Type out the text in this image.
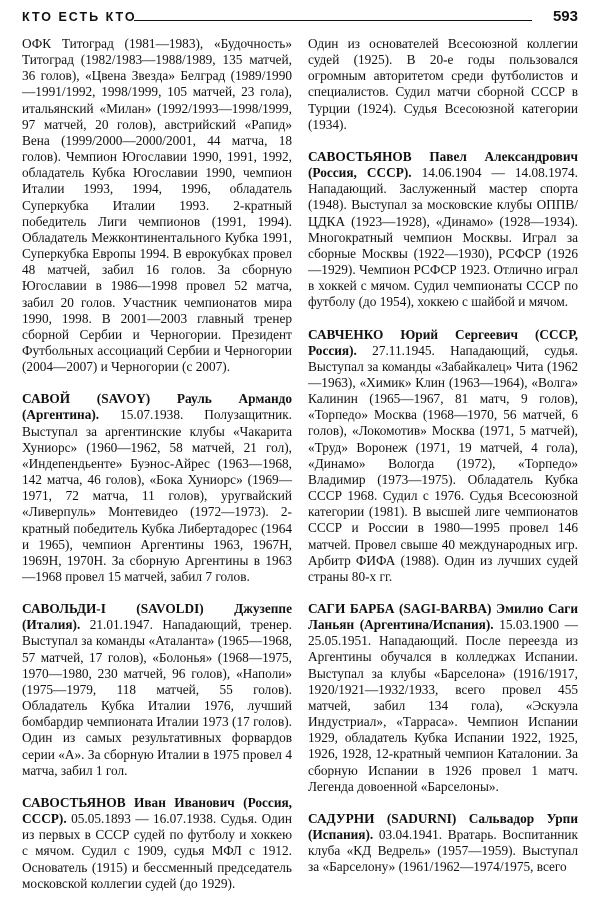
КТО ЕСТЬ КТО	593

ОФК Титоград (1981—1983), «Будочность» Титоград (1982/1983—1988/1989, 135 матчей, 36 голов), «Цвена Звезда» Белград (1989/1990—1991/1992, 1998/1999, 105 матчей, 23 гола), итальянский «Милан» (1992/1993—1998/1999, 97 матчей, 20 голов), австрийский «Рапид» Вена (1999/2000—2000/2001, 44 матча, 18 голов). Чемпион Югославии 1990, 1991, 1992, обладатель Кубка Югославии 1990, чемпион Италии 1993, 1994, 1996, обладатель Суперкубка Италии 1993. 2-кратный победитель Лиги чемпионов (1991, 1994). Обладатель Межконтинентального Кубка 1991, Суперкубка Европы 1994. В еврокубках провел 48 матчей, забил 16 голов. За сборную Югославии в 1986—1998 провел 52 матча, забил 20 голов. Участник чемпионатов мира 1990, 1998. В 2001—2003 главный тренер сборной Сербии и Черногории. Президент Футбольных ассоциаций Сербии и Черногории (2004—2007) и Черногории (с 2007).

САВОЙ (SAVOY) Рауль Армандо (Аргентина). 15.07.1938. Полузащитник. Выступал за аргентинские клубы «Чакарита Хуниорс» (1960—1962, 58 матчей, 21 гол), «Индепендьенте» Буэнос-Айрес (1963—1968, 142 матча, 46 голов), «Бока Хуниорс» (1969—1971, 72 матча, 11 голов), уругвайский «Ливерпуль» Монтевидео (1972—1973). 2-кратный победитель Кубка Либертадорес (1964 и 1965), чемпион Аргентины 1963, 1967Н, 1969Н, 1970Н. За сборную Аргентины в 1963—1968 провел 15 матчей, забил 7 голов.

САВОЛЬДИ-I (SAVOLDI) Джузеппе (Италия). 21.01.1947. Нападающий, тренер. Выступал за команды «Аталанта» (1965—1968, 57 матчей, 17 голов), «Болонья» (1968—1975, 1970—1980, 230 матчей, 96 голов), «Наполи» (1975—1979, 118 матчей, 55 голов). Обладатель Кубка Италии 1976, лучший бомбардир чемпионата Италии 1973 (17 голов). Один из самых результативных форвардов серии «А». За сборную Италии в 1975 провел 4 матча, забил 1 гол.

САВОСТЬЯНОВ Иван Иванович (Россия, СССР). 05.05.1893 — 16.07.1938. Судья. Один из первых в СССР судей по футболу и хоккею с мячом. Судил с 1909, судья МФЛ с 1912. Основатель (1915) и бессменный председатель московской коллегии судей (до 1929).

Один из основателей Всесоюзной коллегии судей (1925). В 20-е годы пользовался огромным авторитетом среди футболистов и специалистов. Судил матчи сборной СССР в Турции (1924). Судья Всесоюзной категории (1934).

САВОСТЬЯНОВ Павел Александрович (Россия, СССР). 14.06.1904 — 14.08.1974. Нападающий. Заслуженный мастер спорта (1948). Выступал за московские клубы ОППВ/ЦДКА (1923—1928), «Динамо» (1928—1934). Многократный чемпион Москвы. Играл за сборные Москвы (1922—1930), РСФСР (1926—1929). Чемпион РСФСР 1923. Отлично играл в хоккей с мячом. Судил чемпионаты СССР по футболу (до 1954), хоккею с шайбой и мячом.

САВЧЕНКО Юрий Сергеевич (СССР, Россия). 27.11.1945. Нападающий, судья. Выступал за команды «Забайкалец» Чита (1962—1963), «Химик» Клин (1963—1964), «Волга» Калинин (1965—1967, 81 матч, 9 голов), «Торпедо» Москва (1968—1970, 56 матчей, 6 голов), «Локомотив» Москва (1971, 5 матчей), «Труд» Воронеж (1971, 19 матчей, 4 гола), «Динамо» Вологда (1972), «Торпедо» Владимир (1973—1975). Обладатель Кубка СССР 1968. Судил с 1976. Судья Всесоюзной категории (1981). В высшей лиге чемпионатов СССР и России в 1980—1995 провел 146 матчей. Провел свыше 40 международных игр. Арбитр ФИФА (1988). Один из лучших судей страны 80-х гг.

САГИ БАРБА (SAGI-BARBA) Эмилио Саги Ланьян (Аргентина/Испания). 15.03.1900 — 25.05.1951. Нападающий. После переезда из Аргентины обучался в колледжах Испании. Выступал за клубы «Барселона» (1916/1917, 1920/1921—1932/1933, всего провел 455 матчей, забил 134 гола), «Эскуэла Индустриал», «Тарраса». Чемпион Испании 1929, обладатель Кубка Испании 1922, 1925, 1926, 1928, 12-кратный чемпион Каталонии. За сборную Испании в 1926 провел 1 матч. Легенда довоенной «Барселоны».

САДУРНИ (SADURNI) Сальвадор Урпи (Испания). 03.04.1941. Вратарь. Воспитанник клуба «КД Ведрель» (1957—1959). Выступал за «Барселону» (1961/1962—1974/1975, всего
